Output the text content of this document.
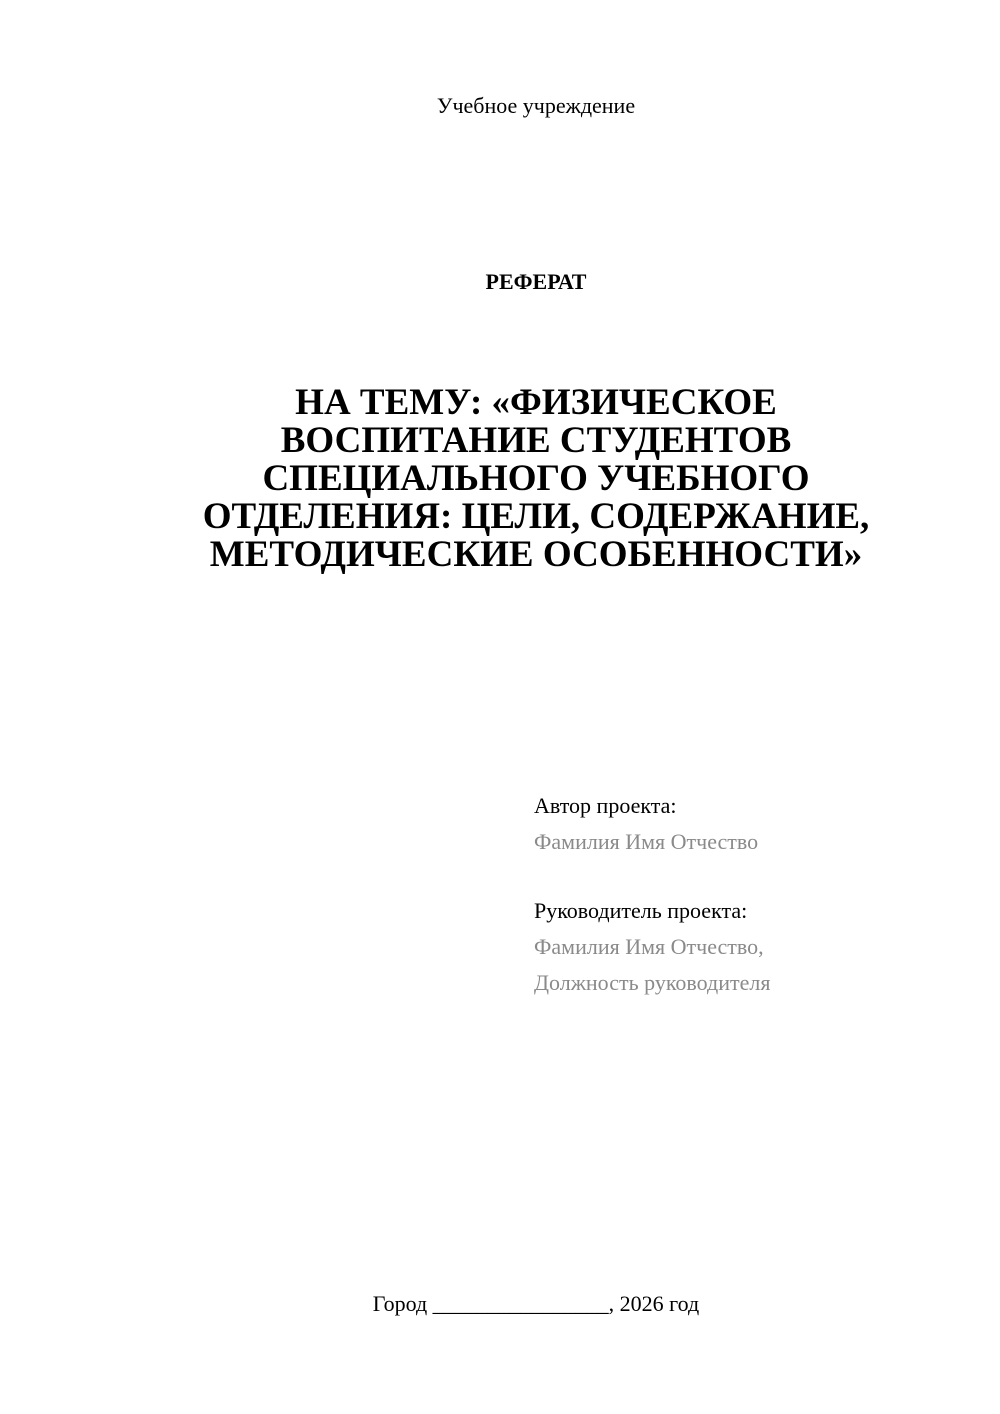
Учебное учреждение
РЕФЕРАТ
НА ТЕМУ: «ФИЗИЧЕСКОЕ
ВОСПИТАНИЕ СТУДЕНТОВ
СПЕЦИАЛЬНОГО УЧЕБНОГО
ОТДЕЛЕНИЯ: ЦЕЛИ, СОДЕРЖАНИЕ,
МЕТОДИЧЕСКИЕ ОСОБЕННОСТИ»
Автор проекта:
Фамилия Имя Отчество
Руководитель проекта:
Фамилия Имя Отчество,
Должность руководителя
Город ________________, 2026 год
